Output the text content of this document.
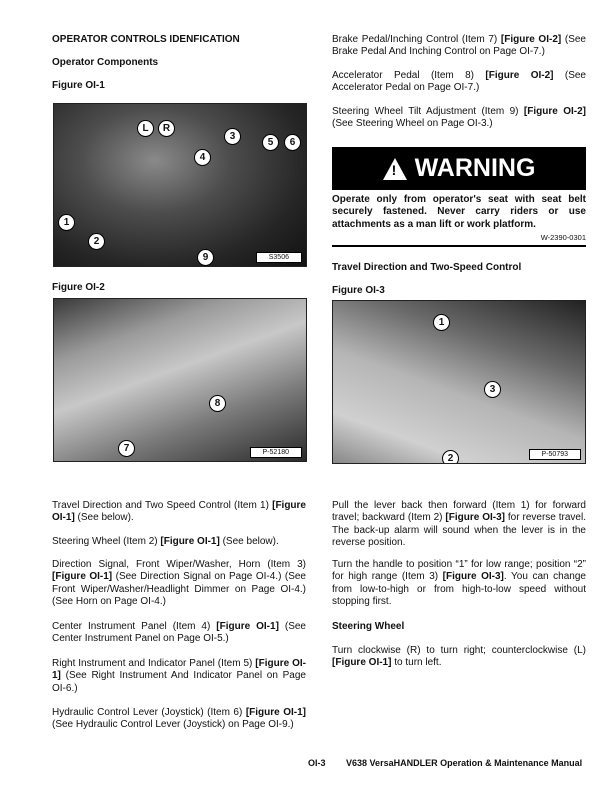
OPERATOR CONTROLS IDENFICATION
Operator Components
Figure OI-1
L	R
3
4
5	6
1
2
9	S3506
Figure OI-2
8
7	P-52180

Travel Direction and Two Speed Control (Item 1) [Figure OI-1] (See below).

Steering Wheel (Item 2) [Figure OI-1] (See below).

Direction Signal, Front Wiper/Washer, Horn (Item 3) [Figure OI-1] (See Direction Signal on Page OI-4.) (See Front Wiper/Washer/Headlight Dimmer on Page OI-4.) (See Horn on Page OI-4.)

Center Instrument Panel (Item 4) [Figure OI-1] (See Center Instrument Panel on Page OI-5.)

Right Instrument and Indicator Panel (Item 5) [Figure OI-1] (See Right Instrument And Indicator Panel on Page OI-6.)

Hydraulic Control Lever (Joystick) (Item 6) [Figure OI-1] (See Hydraulic Control Lever (Joystick) on Page OI-9.)

Brake Pedal/Inching Control (Item 7) [Figure OI-2] (See Brake Pedal And Inching Control on Page OI-7.)

Accelerator Pedal (Item 8) [Figure OI-2] (See Accelerator Pedal on Page OI-7.)

Steering Wheel Tilt Adjustment (Item 9) [Figure OI-2] (See Steering Wheel on Page OI-3.)

! WARNING

Operate only from operator's seat with seat belt securely fastened. Never carry riders or use attachments as a man lift or work platform.

W-2390-0301
Travel Direction and Two-Speed Control
Figure OI-3
1
3
2	P-50793

Pull the lever back then forward (Item 1) for forward travel; backward (Item 2) [Figure OI-3] for reverse travel. The back-up alarm will sound when the lever is in the reverse position.

Turn the handle to position “1” for low range; position “2” for high range (Item 3) [Figure OI-3]. You can change from low-to-high or from high-to-low speed without stopping first.

Steering Wheel

Turn clockwise (R) to turn right; counterclockwise (L) [Figure OI-1] to turn left.

OI-3 V638 VersaHANDLER Operation & Maintenance Manual
